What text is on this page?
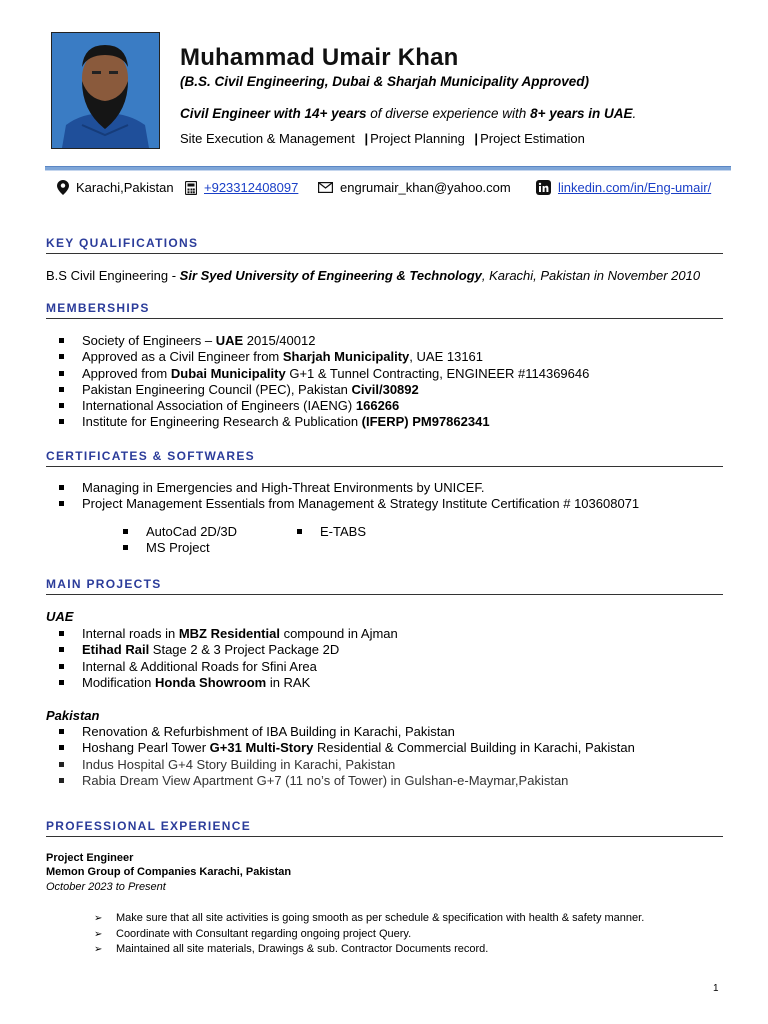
Muhammad Umair Khan
(B.S. Civil Engineering, Dubai & Sharjah Municipality Approved)
Civil Engineer with 14+ years of diverse experience with 8+ years in UAE.
Site Execution & Management | Project Planning | Project Estimation
Karachi,Pakistan +923312408097	engrumair_khan@yahoo.com	linkedin.com/in/Eng-umair/
KEY QUALIFICATIONS
B.S Civil Engineering - Sir Syed University of Engineering & Technology, Karachi, Pakistan in November 2010
MEMBERSHIPS
Society of Engineers – UAE 2015/40012
Approved as a Civil Engineer from Sharjah Municipality, UAE 13161
Approved from Dubai Municipality G+1 & Tunnel Contracting, ENGINEER #114369646
Pakistan Engineering Council (PEC), Pakistan Civil/30892
International Association of Engineers (IAENG) 166266
Institute for Engineering Research & Publication (IFERP) PM97862341
CERTIFICATES & SOFTWARES
Managing in Emergencies and High-Threat Environments by UNICEF.
Project Management Essentials from Management & Strategy Institute Certification # 103608071
AutoCad 2D/3D
MS Project
E-TABS
MAIN PROJECTS
UAE
Internal roads in MBZ Residential compound in Ajman
Etihad Rail Stage 2 & 3 Project Package 2D
Internal & Additional Roads for Sfini Area
Modification Honda Showroom in RAK
Pakistan
Renovation & Refurbishment of IBA Building in Karachi, Pakistan
Hoshang Pearl Tower G+31 Multi-Story Residential & Commercial Building in Karachi, Pakistan
Indus Hospital G+4 Story Building in Karachi, Pakistan
Rabia Dream View Apartment G+7 (11 no’s of Tower) in Gulshan-e-Maymar,Pakistan
PROFESSIONAL EXPERIENCE
Project Engineer
Memon Group of Companies Karachi, Pakistan
October 2023 to Present
➢ Make sure that all site activities is going smooth as per schedule & specification with health & safety manner.
➢ Coordinate with Consultant regarding ongoing project Query.
➢ Maintained all site materials, Drawings & sub. Contractor Documents record.
1
